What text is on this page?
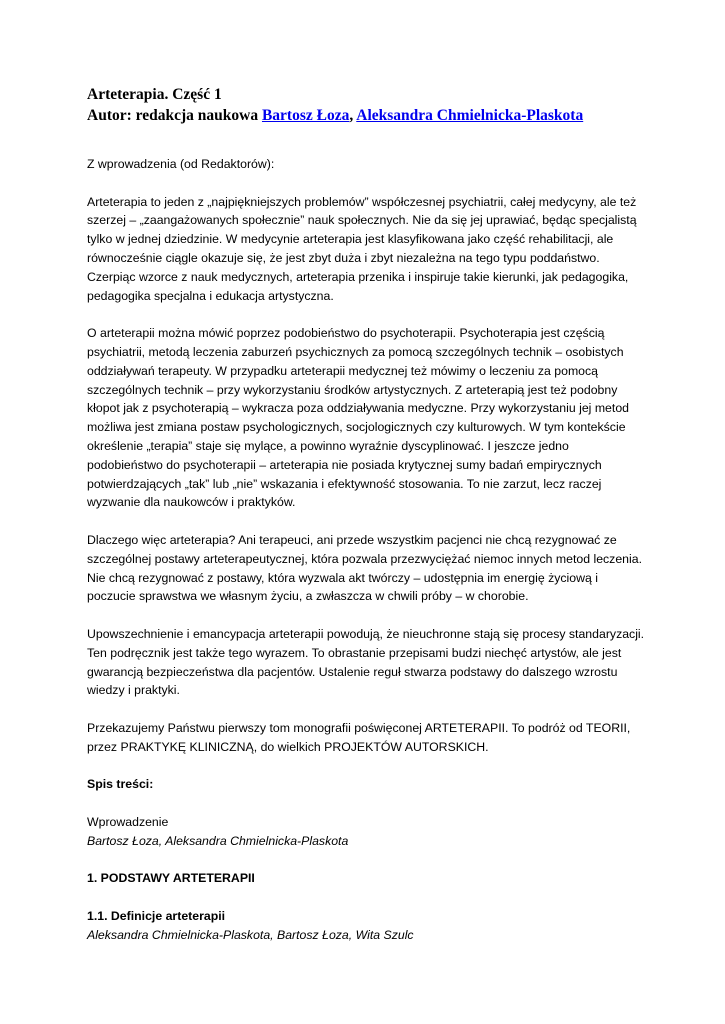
Arteterapia. Część 1
Autor: redakcja naukowa Bartosz Łoza, Aleksandra Chmielnicka-Plaskota

Z wprowadzenia (od Redaktorów):

Arteterapia to jeden z „najpiękniejszych problemów” współczesnej psychiatrii, całej medycyny, ale też szerzej – „zaangażowanych społecznie” nauk społecznych. Nie da się jej uprawiać, będąc specjalistą tylko w jednej dziedzinie. W medycynie arteterapia jest klasyfikowana jako część rehabilitacji, ale równocześnie ciągle okazuje się, że jest zbyt duża i zbyt niezależna na tego typu poddaństwo. Czerpiąc wzorce z nauk medycznych, arteterapia przenika i inspiruje takie kierunki, jak pedagogika, pedagogika specjalna i edukacja artystyczna.

O arteterapii można mówić poprzez podobieństwo do psychoterapii. Psychoterapia jest częścią psychiatrii, metodą leczenia zaburzeń psychicznych za pomocą szczególnych technik – osobistych oddziaływań terapeuty. W przypadku arteterapii medycznej też mówimy o leczeniu za pomocą szczególnych technik – przy wykorzystaniu środków artystycznych. Z arteterapią jest też podobny kłopot jak z psychoterapią – wykracza poza oddziaływania medyczne. Przy wykorzystaniu jej metod możliwa jest zmiana postaw psychologicznych, socjologicznych czy kulturowych. W tym kontekście określenie „terapia” staje się mylące, a powinno wyraźnie dyscyplinować. I jeszcze jedno podobieństwo do psychoterapii – arteterapia nie posiada krytycznej sumy badań empirycznych potwierdzających „tak” lub „nie” wskazania i efektywność stosowania. To nie zarzut, lecz raczej wyzwanie dla naukowców i praktyków.

Dlaczego więc arteterapia? Ani terapeuci, ani przede wszystkim pacjenci nie chcą rezygnować ze szczególnej postawy arteterapeutycznej, która pozwala przezwyciężać niemoc innych metod leczenia. Nie chcą rezygnować z postawy, która wyzwala akt twórczy – udostępnia im energię życiową i poczucie sprawstwa we własnym życiu, a zwłaszcza w chwili próby – w chorobie.

Upowszechnienie i emancypacja arteterapii powodują, że nieuchronne stają się procesy standaryzacji. Ten podręcznik jest także tego wyrazem. To obrastanie przepisami budzi niechęć artystów, ale jest gwarancją bezpieczeństwa dla pacjentów. Ustalenie reguł stwarza podstawy do dalszego wzrostu wiedzy i praktyki.

Przekazujemy Państwu pierwszy tom monografii poświęconej ARTETERAPII. To podróż od TEORII, przez PRAKTYKĘ KLINICZNĄ, do wielkich PROJEKTÓW AUTORSKICH.

Spis treści:

Wprowadzenie

Bartosz Łoza, Aleksandra Chmielnicka-Plaskota

1. PODSTAWY ARTETERAPII

1.1. Definicje arteterapii

Aleksandra Chmielnicka-Plaskota, Bartosz Łoza, Wita Szulc
